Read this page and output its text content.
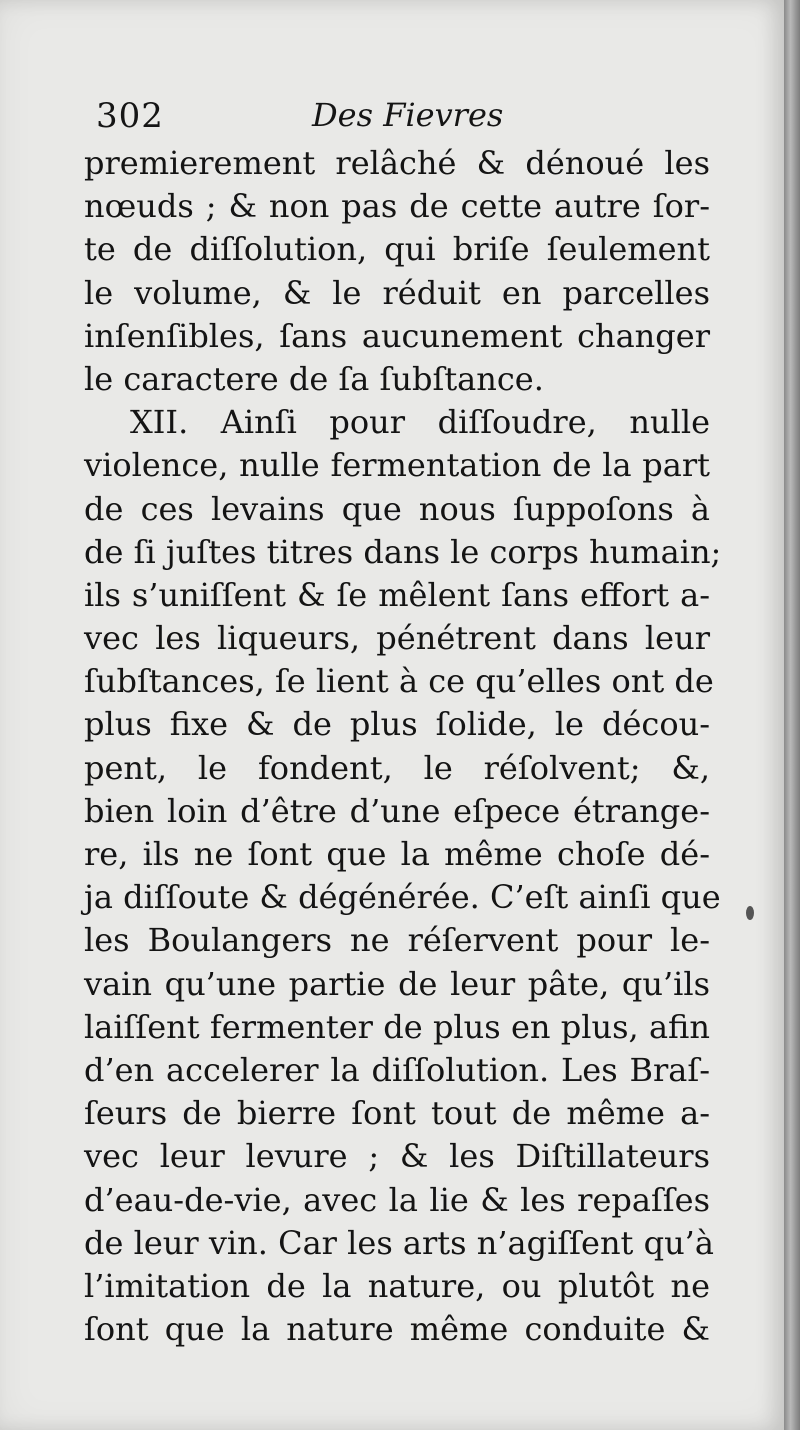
302	Des Fievres
premierement relâché & dénoué les
nœuds ; & non pas de cette autre ſor-
te de diſſolution, qui briſe ſeulement
le volume, & le réduit en parcelles
inſenſibles, ſans aucunement changer
le caractere de ſa ſubſtance.
XII. Ainſi pour diſſoudre, nulle
violence, nulle fermentation de la part
de ces levains que nous ſuppoſons à
de ſi juſtes titres dans le corps humain;
ils s’uniſſent & ſe mêlent ſans effort a-
vec les liqueurs, pénétrent dans leur
ſubſtances, ſe lient à ce qu’elles ont de
plus fixe & de plus ſolide, le décou-
pent, le fondent, le réſolvent; &,
bien loin d’être d’une eſpece étrange-
re, ils ne ſont que la même choſe dé-
ja diſſoute & dégénérée. C’eſt ainſi que
les Boulangers ne réſervent pour le-
vain qu’une partie de leur pâte, qu’ils
laiſſent fermenter de plus en plus, afin
d’en accelerer la diſſolution. Les Braſ-
ſeurs de bierre ſont tout de même a-
vec leur levure ; & les Diſtillateurs
d’eau-de-vie, avec la lie & les repaſſes
de leur vin. Car les arts n’agiſſent qu’à
l’imitation de la nature, ou plutôt ne
ſont que la nature même conduite &
